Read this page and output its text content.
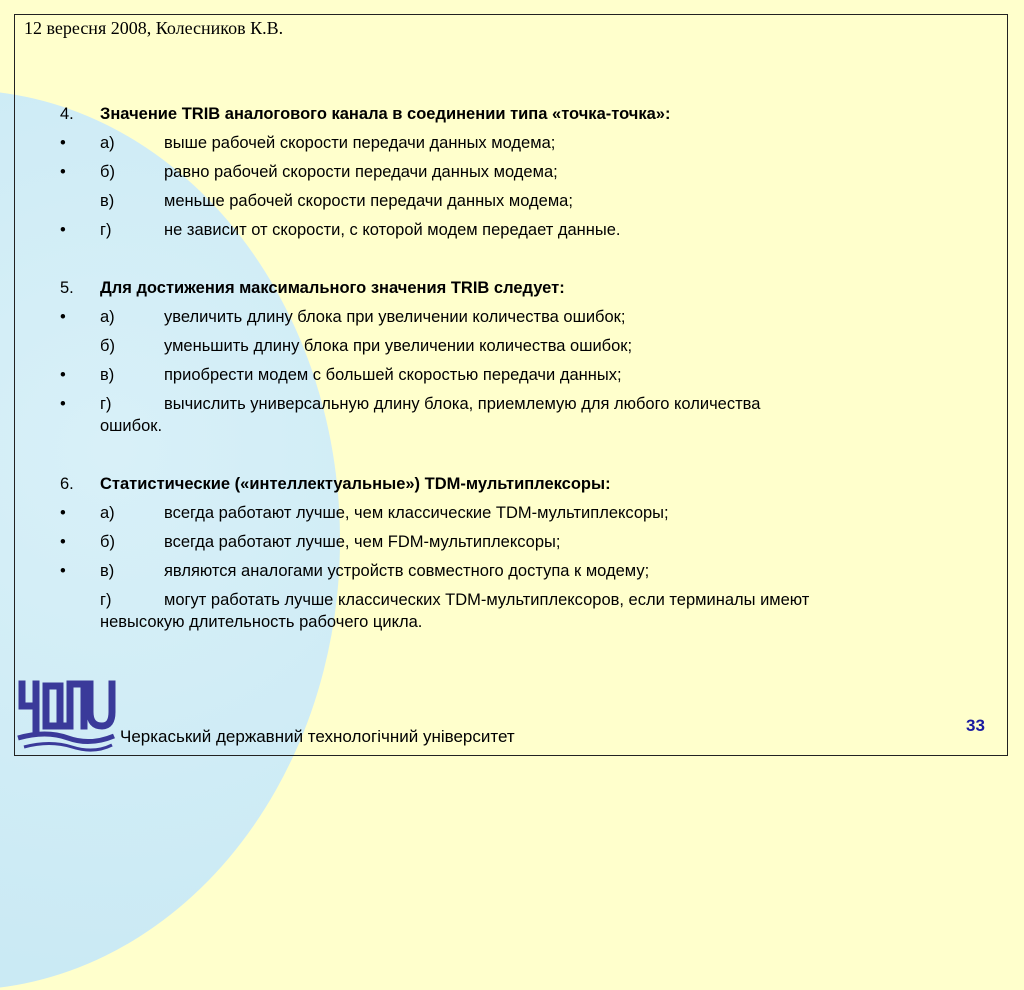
12 вересня 2008, Колесников К.В.
4. Значение TRIB аналогового канала в соединении типа «точка-точка»:
• а)	выше рабочей скорости передачи данных модема;
• б)	равно рабочей скорости передачи данных модема;
в)	меньше рабочей скорости передачи данных модема;
• г)	не зависит от скорости, с которой модем передает данные.
5. Для достижения максимального значения TRIB следует:
• а)	увеличить длину блока при увеличении количества ошибок;
б)	уменьшить длину блока при увеличении количества ошибок;
• в)	приобрести модем с большей скоростью передачи данных;
• г)	вычислить универсальную длину блока, приемлемую для любого количества
ошибок.
6. Статистические («интеллектуальные») TDM-мультиплексоры:
• а)	всегда работают лучше, чем классические TDM-мультиплексоры;
• б)	всегда работают лучше, чем FDM-мультиплексоры;
• в)	являются аналогами устройств совместного доступа к модему;
г)	могут работать лучше классических TDM-мультиплексоров, если терминалы имеют
невысокую длительность рабочего цикла.
Черкаський державний технологічний університет
33
